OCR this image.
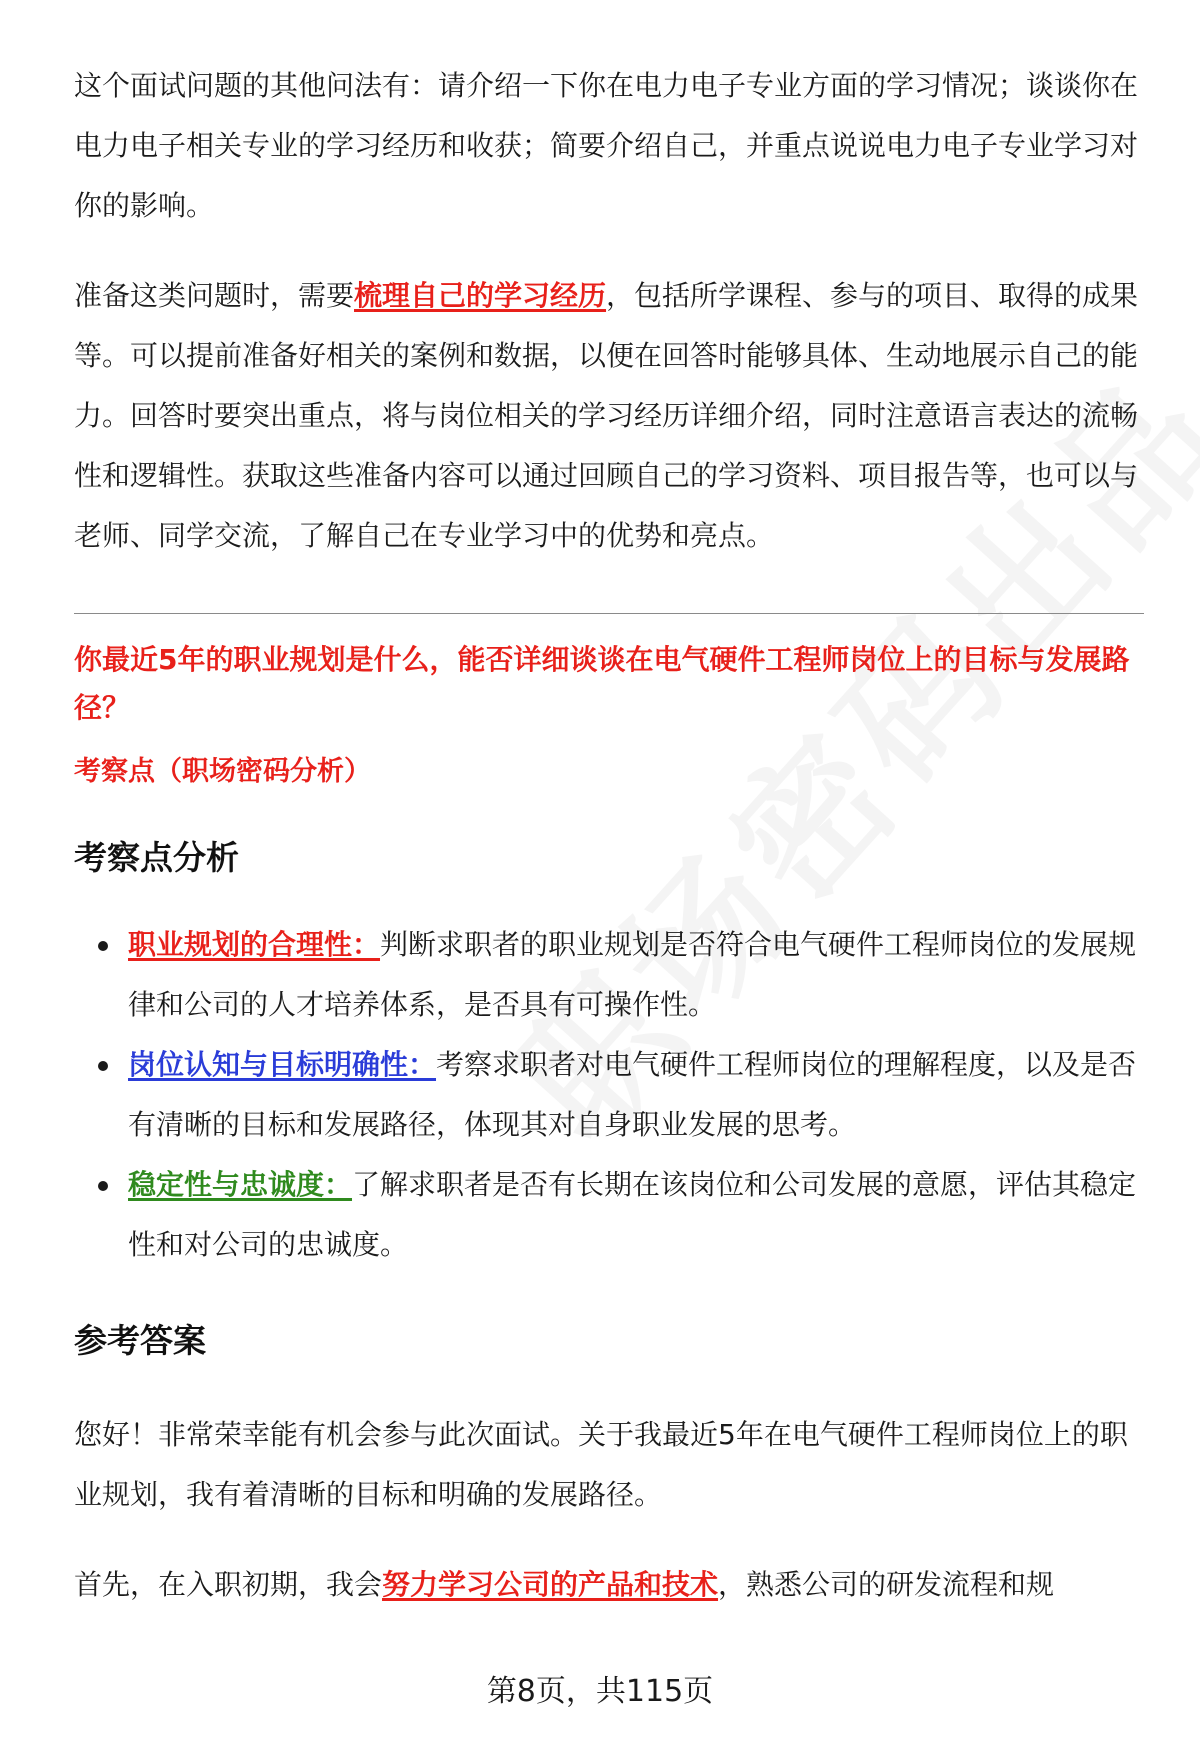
这个面试问题的其他问法有：请介绍一下你在电力电子专业方面的学习情况；谈谈你在电力电子相关专业的学习经历和收获；简要介绍自己，并重点说说电力电子专业学习对你的影响。

准备这类问题时，需要梳理自己的学习经历，包括所学课程、参与的项目、取得的成果等。可以提前准备好相关的案例和数据，以便在回答时能够具体、生动地展示自己的能力。回答时要突出重点，将与岗位相关的学习经历详细介绍，同时注意语言表达的流畅性和逻辑性。获取这些准备内容可以通过回顾自己的学习资料、项目报告等，也可以与老师、同学交流，了解自己在专业学习中的优势和亮点。

你最近5年的职业规划是什么，能否详细谈谈在电气硬件工程师岗位上的目标与发展路径？

考察点（职场密码分析）

考察点分析
职业规划的合理性：判断求职者的职业规划是否符合电气硬件工程师岗位的发展规律和公司的人才培养体系，是否具有可操作性。
岗位认知与目标明确性：考察求职者对电气硬件工程师岗位的理解程度，以及是否有清晰的目标和发展路径，体现其对自身职业发展的思考。
稳定性与忠诚度：了解求职者是否有长期在该岗位和公司发展的意愿，评估其稳定性和对公司的忠诚度。
参考答案

您好！非常荣幸能有机会参与此次面试。关于我最近5年在电气硬件工程师岗位上的职业规划，我有着清晰的目标和明确的发展路径。

首先，在入职初期，我会努力学习公司的产品和技术，熟悉公司的研发流程和规

第8页，共115页
